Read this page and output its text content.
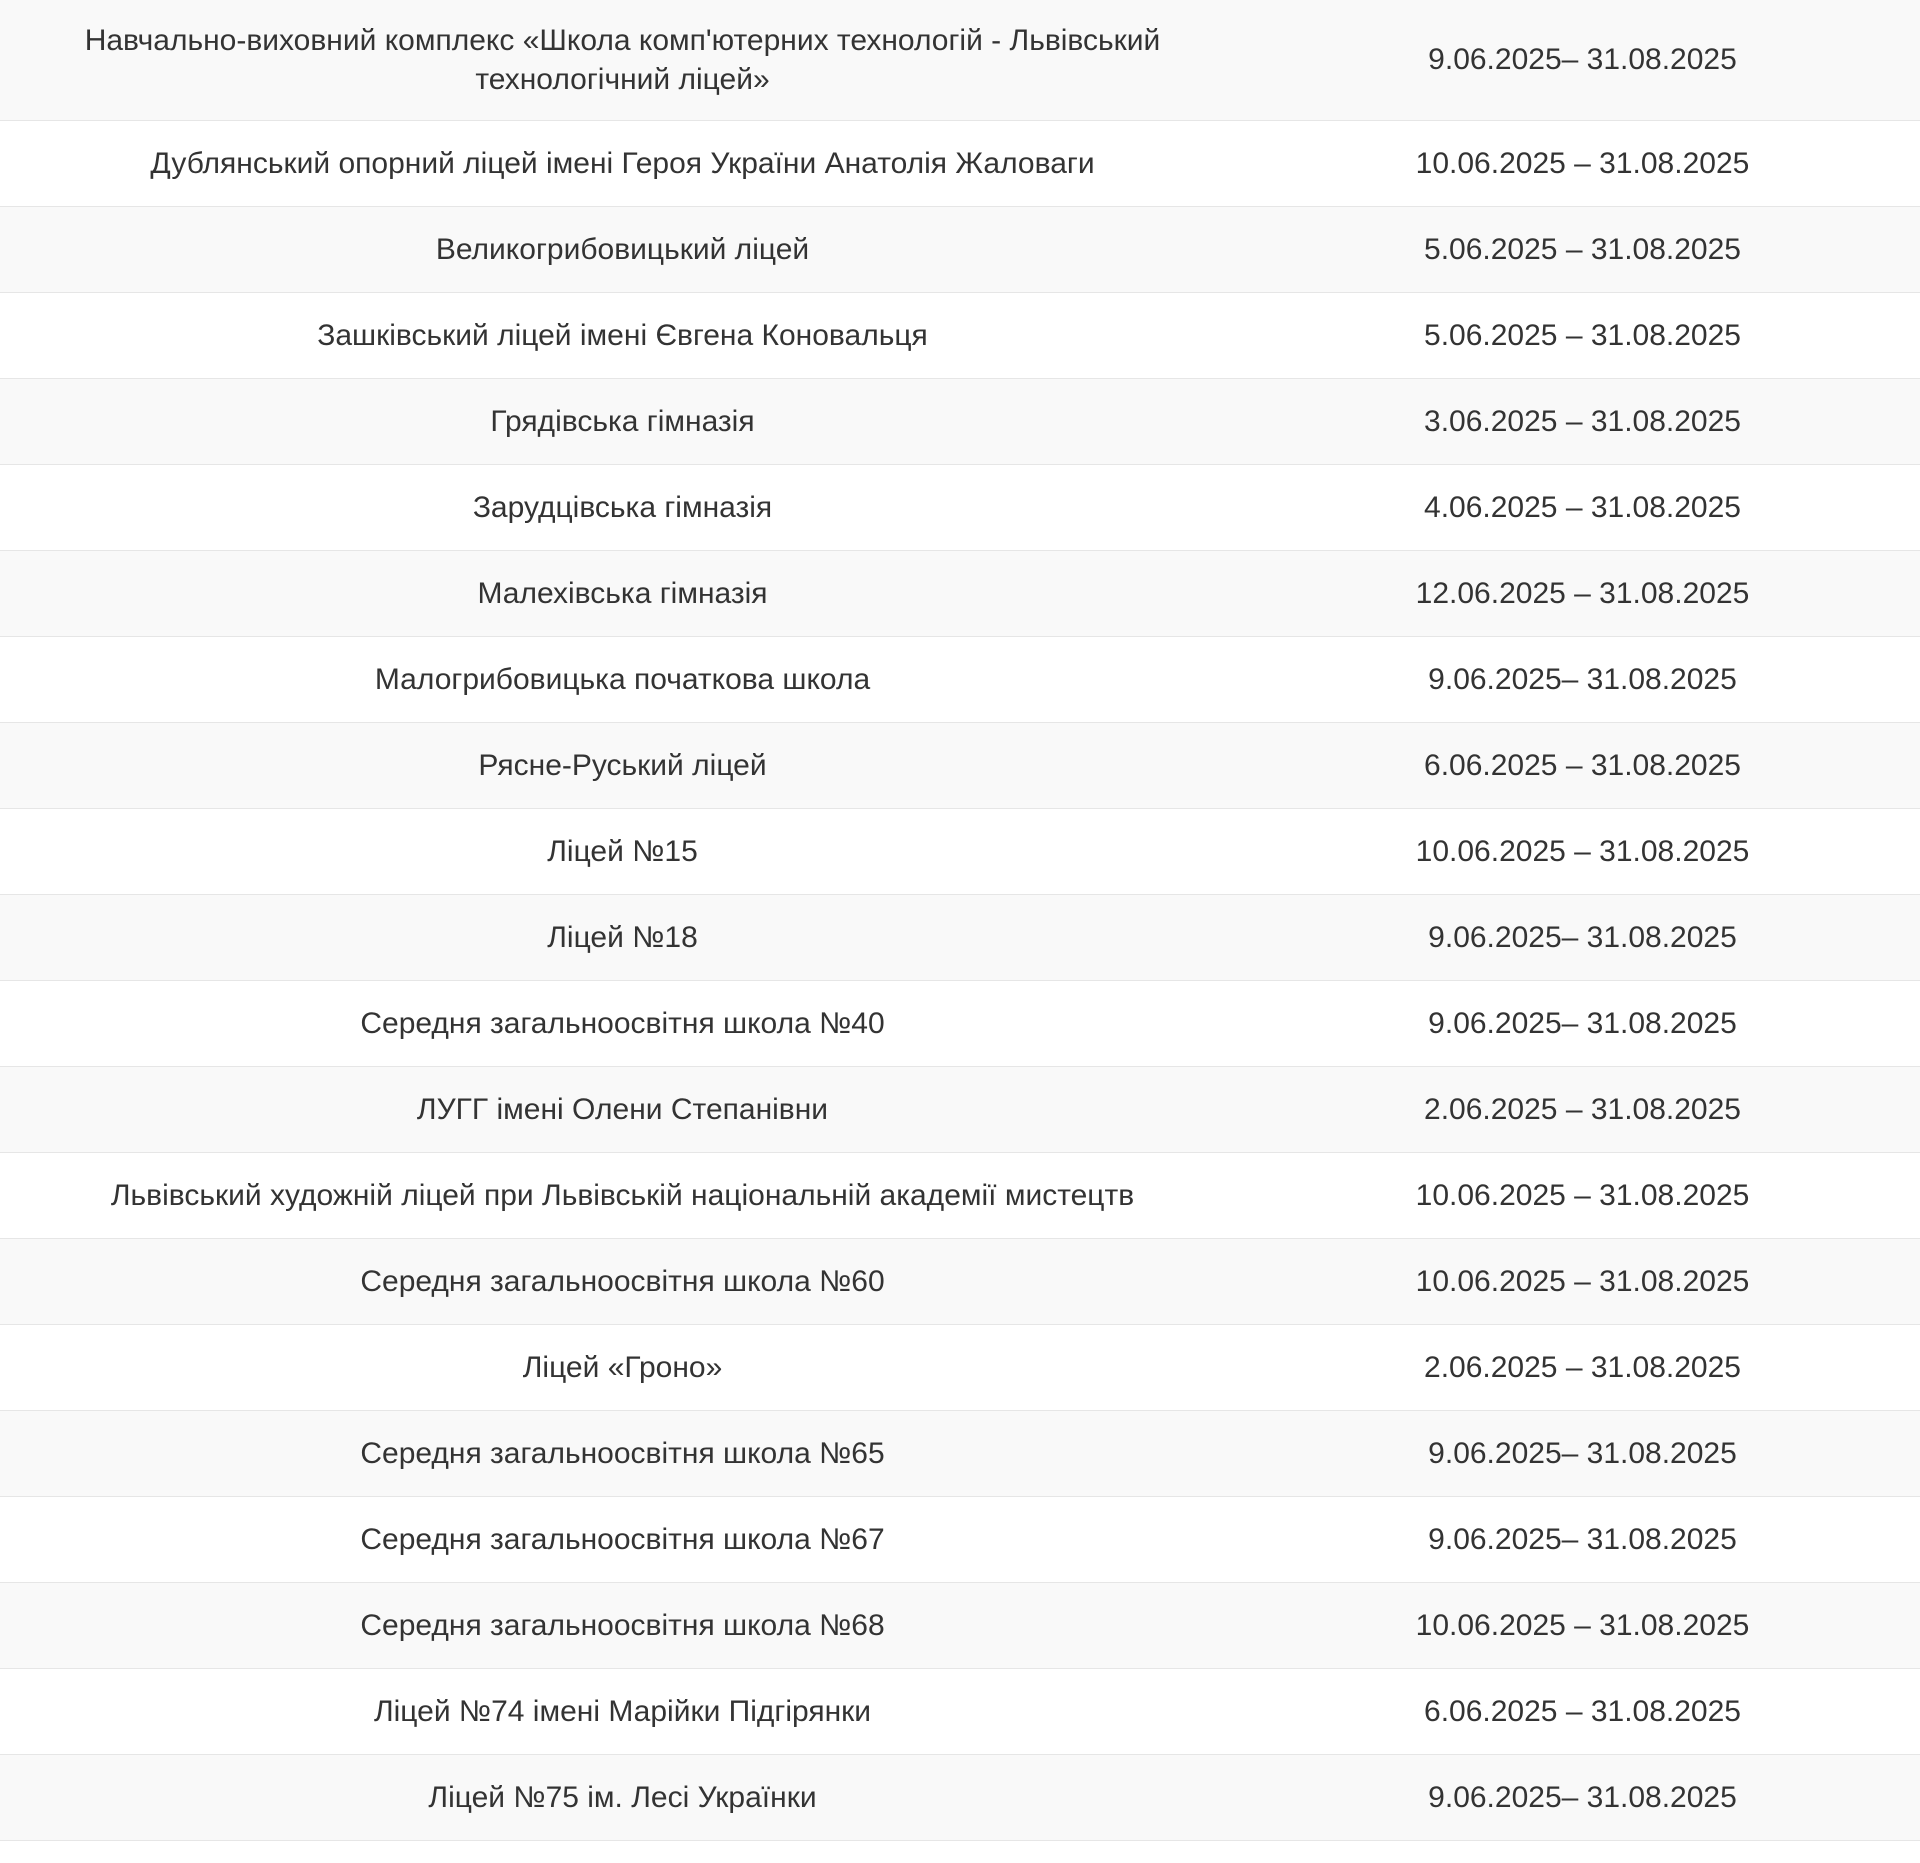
Навчально-виховний комплекс «Школа комп'ютерних технологій - Львівський технологічний ліцей»	9.06.2025– 31.08.2025
Дублянський опорний ліцей імені Героя України Анатолія Жаловаги	10.06.2025 – 31.08.2025
Великогрибовицький ліцей	5.06.2025 – 31.08.2025
Зашківський ліцей імені Євгена Коновальця	5.06.2025 – 31.08.2025
Грядівська гімназія	3.06.2025 – 31.08.2025
Зарудцівська гімназія	4.06.2025 – 31.08.2025
Малехівська гімназія	12.06.2025 – 31.08.2025
Малогрибовицька початкова школа	9.06.2025– 31.08.2025
Рясне-Руський ліцей	6.06.2025 – 31.08.2025
Ліцей №15	10.06.2025 – 31.08.2025
Ліцей №18	9.06.2025– 31.08.2025
Середня загальноосвітня школа №40	9.06.2025– 31.08.2025
ЛУГГ імені Олени Степанівни	2.06.2025 – 31.08.2025
Львівський художній ліцей при Львівській національній академії мистецтв	10.06.2025 – 31.08.2025
Середня загальноосвітня школа №60	10.06.2025 – 31.08.2025
Ліцей «Гроно»	2.06.2025 – 31.08.2025
Середня загальноосвітня школа №65	9.06.2025– 31.08.2025
Середня загальноосвітня школа №67	9.06.2025– 31.08.2025
Середня загальноосвітня школа №68	10.06.2025 – 31.08.2025
Ліцей №74 імені Марійки Підгірянки	6.06.2025 – 31.08.2025
Ліцей №75 ім. Лесі Українки	9.06.2025– 31.08.2025
